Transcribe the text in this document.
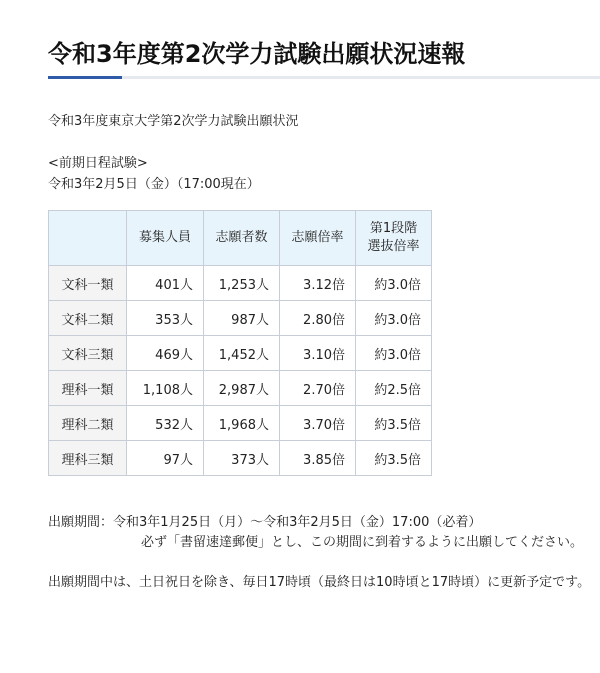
令和3年度第2次学力試験出願状況速報

令和3年度東京大学第2次学力試験出願状況

<前期日程試験>

令和3年2月5日（金）（17:00現在）

	募集人員	志願者数	志願倍率	第1段階
選抜倍率
文科一類	401人	1,253人	3.12倍	約3.0倍
文科二類	353人	987人	2.80倍	約3.0倍
文科三類	469人	1,452人	3.10倍	約3.0倍
理科一類	1,108人	2,987人	2.70倍	約2.5倍
理科二類	532人	1,968人	3.70倍	約3.5倍
理科三類	97人	373人	3.85倍	約3.5倍

出願期間：令和3年1月25日（月）～令和3年2月5日（金）17:00（必着）

必ず「書留速達郵便」とし、この期間に到着するように出願してください。

出願期間中は、土日祝日を除き、毎日17時頃（最終日は10時頃と17時頃）に更新予定です。
